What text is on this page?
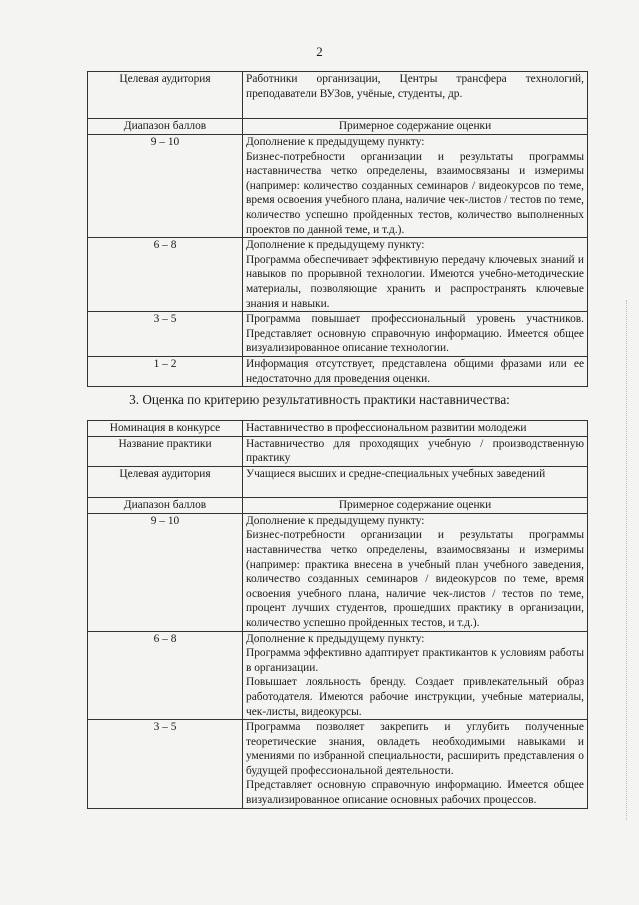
2
Целевая аудитория	Работники организации, Центры трансфера технологий, преподаватели ВУЗов, учёные, студенты, др.
Диапазон баллов	Примерное содержание оценки
9 – 10	Дополнение к предыдущему пункту:
Бизнес-потребности организации и результаты программы наставничества четко определены, взаимосвязаны и измеримы (например: количество созданных семинаров / видеокурсов по теме, время освоения учебного плана, наличие чек-листов / тестов по теме, количество успешно пройденных тестов, количество выполненных проектов по данной теме, и т.д.).

6 – 8	Дополнение к предыдущему пункту:
Программа обеспечивает эффективную передачу ключевых знаний и навыков по прорывной технологии. Имеются учебно-методические материалы, позволяющие хранить и распространять ключевые знания и навыки.

3 – 5	Программа повышает профессиональный уровень участников. Представляет основную справочную информацию. Имеется общее визуализированное описание технологии.

1 – 2	Информация отсутствует, представлена общими фразами или ее недостаточно для проведения оценки.
3. Оценка по критерию результативность практики наставничества:
Номинация в конкурсе	Наставничество в профессиональном развитии молодежи
Название практики	Наставничество для проходящих учебную / производственную практику
Целевая аудитория	Учащиеся высших и средне-специальных учебных заведений
Диапазон баллов	Примерное содержание оценки
9 – 10	Дополнение к предыдущему пункту:
Бизнес-потребности организации и результаты программы наставничества четко определены, взаимосвязаны и измеримы (например: практика внесена в учебный план учебного заведения, количество созданных семинаров / видеокурсов по теме, время освоения учебного плана, наличие чек-листов / тестов по теме, процент лучших студентов, прошедших практику в организации, количество успешно пройденных тестов, и т.д.).

6 – 8	Дополнение к предыдущему пункту:
Программа эффективно адаптирует практикантов к условиям работы в организации.
Повышает лояльность бренду. Создает привлекательный образ работодателя. Имеются рабочие инструкции, учебные материалы, чек-листы, видеокурсы.

3 – 5	Программа позволяет закрепить и углубить полученные теоретические знания, овладеть необходимыми навыками и умениями по избранной специальности, расширить представления о будущей профессиональной деятельности.
Представляет основную справочную информацию. Имеется общее визуализированное описание основных рабочих процессов.
